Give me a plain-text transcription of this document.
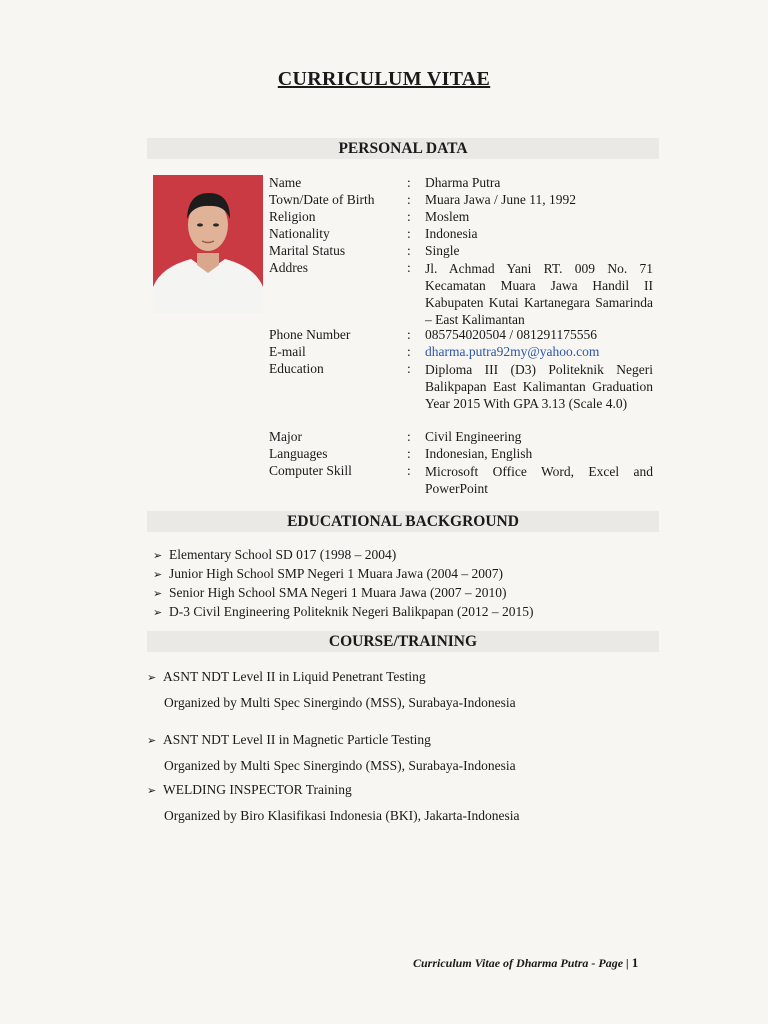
CURRICULUM VITAE
PERSONAL DATA
Name	: Dharma Putra
Town/Date of Birth : Muara Jawa / June 11, 1992
Religion	: Moslem
Nationality	: Indonesia
Marital Status	: Single
Addres	: Jl. Achmad Yani RT. 009 No. 71 Kecamatan Muara Jawa Handil II Kabupaten Kutai Kartanegara Samarinda – East Kalimantan
Phone Number	: 085754020504 / 081291175556
E-mail	: dharma.putra92my@yahoo.com
Education	: Diploma III (D3) Politeknik Negeri Balikpapan East Kalimantan Graduation Year 2015 With GPA 3.13 (Scale 4.0)
Major	: Civil Engineering
Languages	: Indonesian, English
Computer Skill	: Microsoft Office Word, Excel and PowerPoint
EDUCATIONAL BACKGROUND
➢ Elementary School SD 017 (1998 – 2004)
➢ Junior High School SMP Negeri 1 Muara Jawa (2004 – 2007)
➢ Senior High School SMA Negeri 1 Muara Jawa (2007 – 2010)
➢ D-3 Civil Engineering Politeknik Negeri Balikpapan (2012 – 2015)
COURSE/TRAINING
➢ ASNT NDT Level II in Liquid Penetrant Testing
Organized by Multi Spec Sinergindo (MSS), Surabaya-Indonesia
➢ ASNT NDT Level II in Magnetic Particle Testing
Organized by Multi Spec Sinergindo (MSS), Surabaya-Indonesia
➢ WELDING INSPECTOR Training
Organized by Biro Klasifikasi Indonesia (BKI), Jakarta-Indonesia
Curriculum Vitae of Dharma Putra - Page | 1
